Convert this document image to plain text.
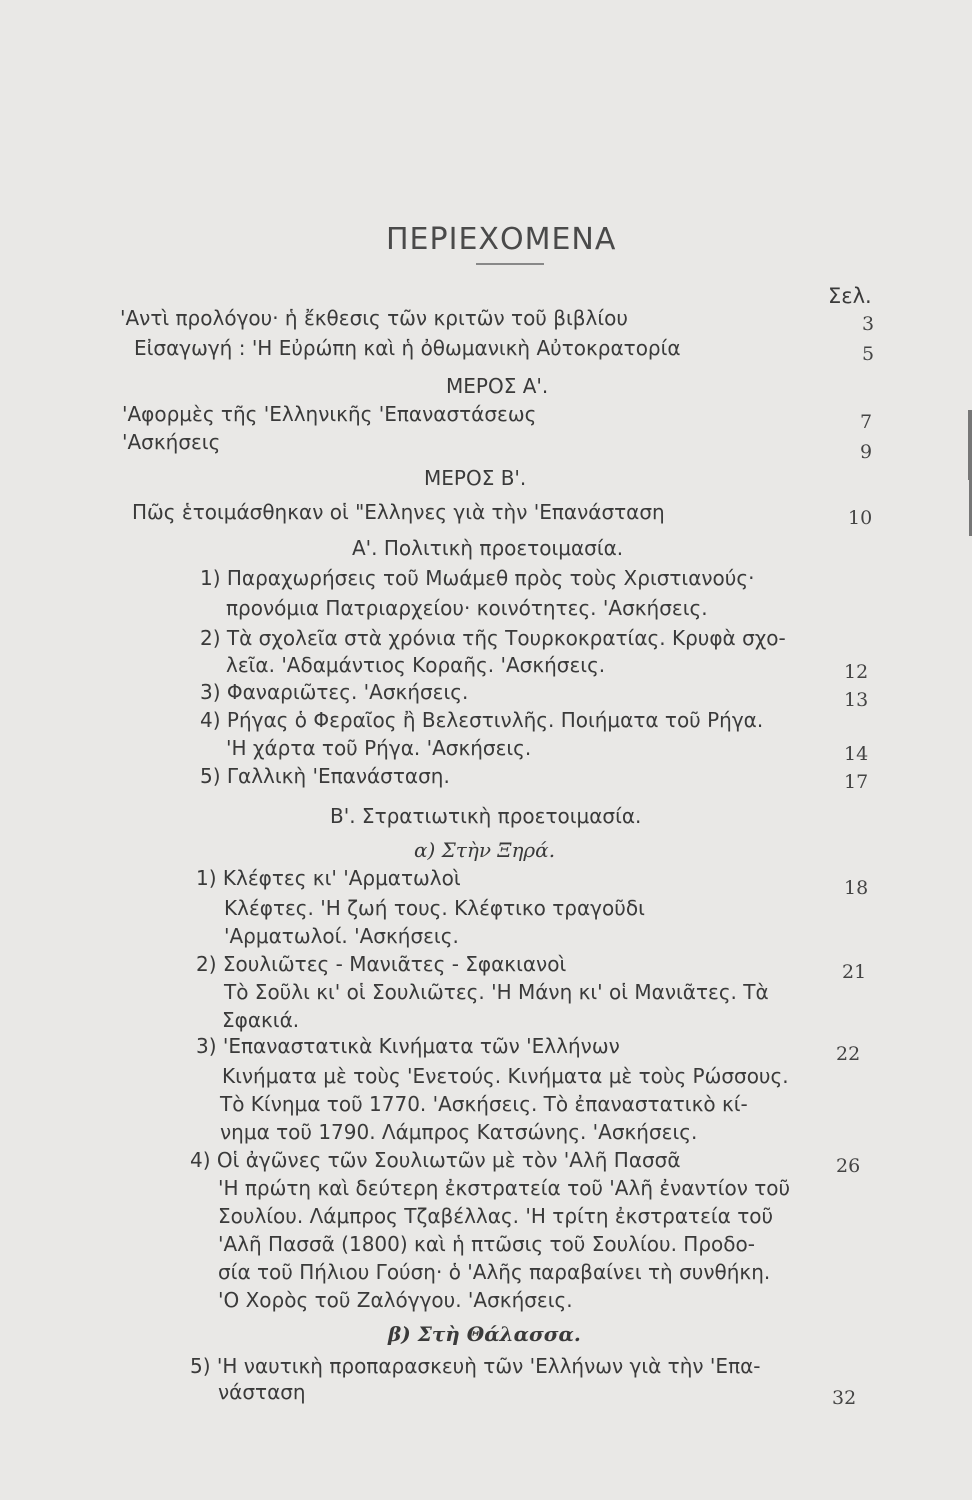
ΠΕΡΙΕΧΟΜΕΝΑ
Σελ.
'Αντὶ προλόγου· ἡ ἔκθεσις τῶν κριτῶν τοῦ βιβλίου	3
Εἰσαγωγή : 'Η Εὐρώπη καὶ ἡ ὀθωμανικὴ Αὐτοκρατορία	5
ΜΕΡΟΣ Α'.
'Αφορμὲς τῆς 'Ελληνικῆς 'Επαναστάσεως	7
'Ασκήσεις	9
ΜΕΡΟΣ Β'.
Πῶς ἑτοιμάσθηκαν οἱ "Ελληνες γιὰ τὴν 'Επανάσταση	10
Α'. Πολιτικὴ προετοιμασία.
1) Παραχωρήσεις τοῦ Μωάμεθ πρὸς τοὺς Χριστιανούς·
προνόμια Πατριαρχείου· κοινότητες. 'Ασκήσεις.
2) Τὰ σχολεῖα στὰ χρόνια τῆς Τουρκοκρατίας. Κρυφὰ σχο-
λεῖα. 'Αδαμάντιος Κοραῆς. 'Ασκήσεις.	12
3) Φαναριῶτες. 'Ασκήσεις.	13
4) Ρήγας ὁ Φεραῖος ἢ Βελεστινλῆς. Ποιήματα τοῦ Ρήγα.
'Η χάρτα τοῦ Ρήγα. 'Ασκήσεις.	14
5) Γαλλικὴ 'Επανάσταση.	17
Β'. Στρατιωτικὴ προετοιμασία.
α) Στὴν Ξηρά.
1) Κλέφτες κι' 'Αρματωλοὶ	18
Κλέφτες. 'Η ζωή τους. Κλέφτικο τραγοῦδι
'Αρματωλοί. 'Ασκήσεις.
2) Σουλιῶτες - Μανιᾶτες - Σφακιανοὶ	21
Τὸ Σοῦλι κι' οἱ Σουλιῶτες. 'Η Μάνη κι' οἱ Μανιᾶτες. Τὰ
Σφακιά.
3) 'Επαναστατικὰ Κινήματα τῶν 'Ελλήνων	22
Κινήματα μὲ τοὺς 'Ενετούς. Κινήματα μὲ τοὺς Ρώσσους.
Τὸ Κίνημα τοῦ 1770. 'Ασκήσεις. Τὸ ἐπαναστατικὸ κί-
νημα τοῦ 1790. Λάμπρος Κατσώνης. 'Ασκήσεις.
4) Οἱ ἀγῶνες τῶν Σουλιωτῶν μὲ τὸν 'Αλῆ Πασσᾶ	26
'Η πρώτη καὶ δεύτερη ἐκστρατεία τοῦ 'Αλῆ ἐναντίον τοῦ
Σουλίου. Λάμπρος Τζαβέλλας. 'Η τρίτη ἐκστρατεία τοῦ
'Αλῆ Πασσᾶ (1800) καὶ ἡ πτῶσις τοῦ Σουλίου. Προδο-
σία τοῦ Πήλιου Γούση· ὁ 'Αλῆς παραβαίνει τὴ συνθήκη.
'Ο Χορὸς τοῦ Ζαλόγγου. 'Ασκήσεις.
β) Στὴ Θάλασσα.
5) 'Η ναυτικὴ προπαρασκευὴ τῶν 'Ελλήνων γιὰ τὴν 'Επα-
νάσταση	32
